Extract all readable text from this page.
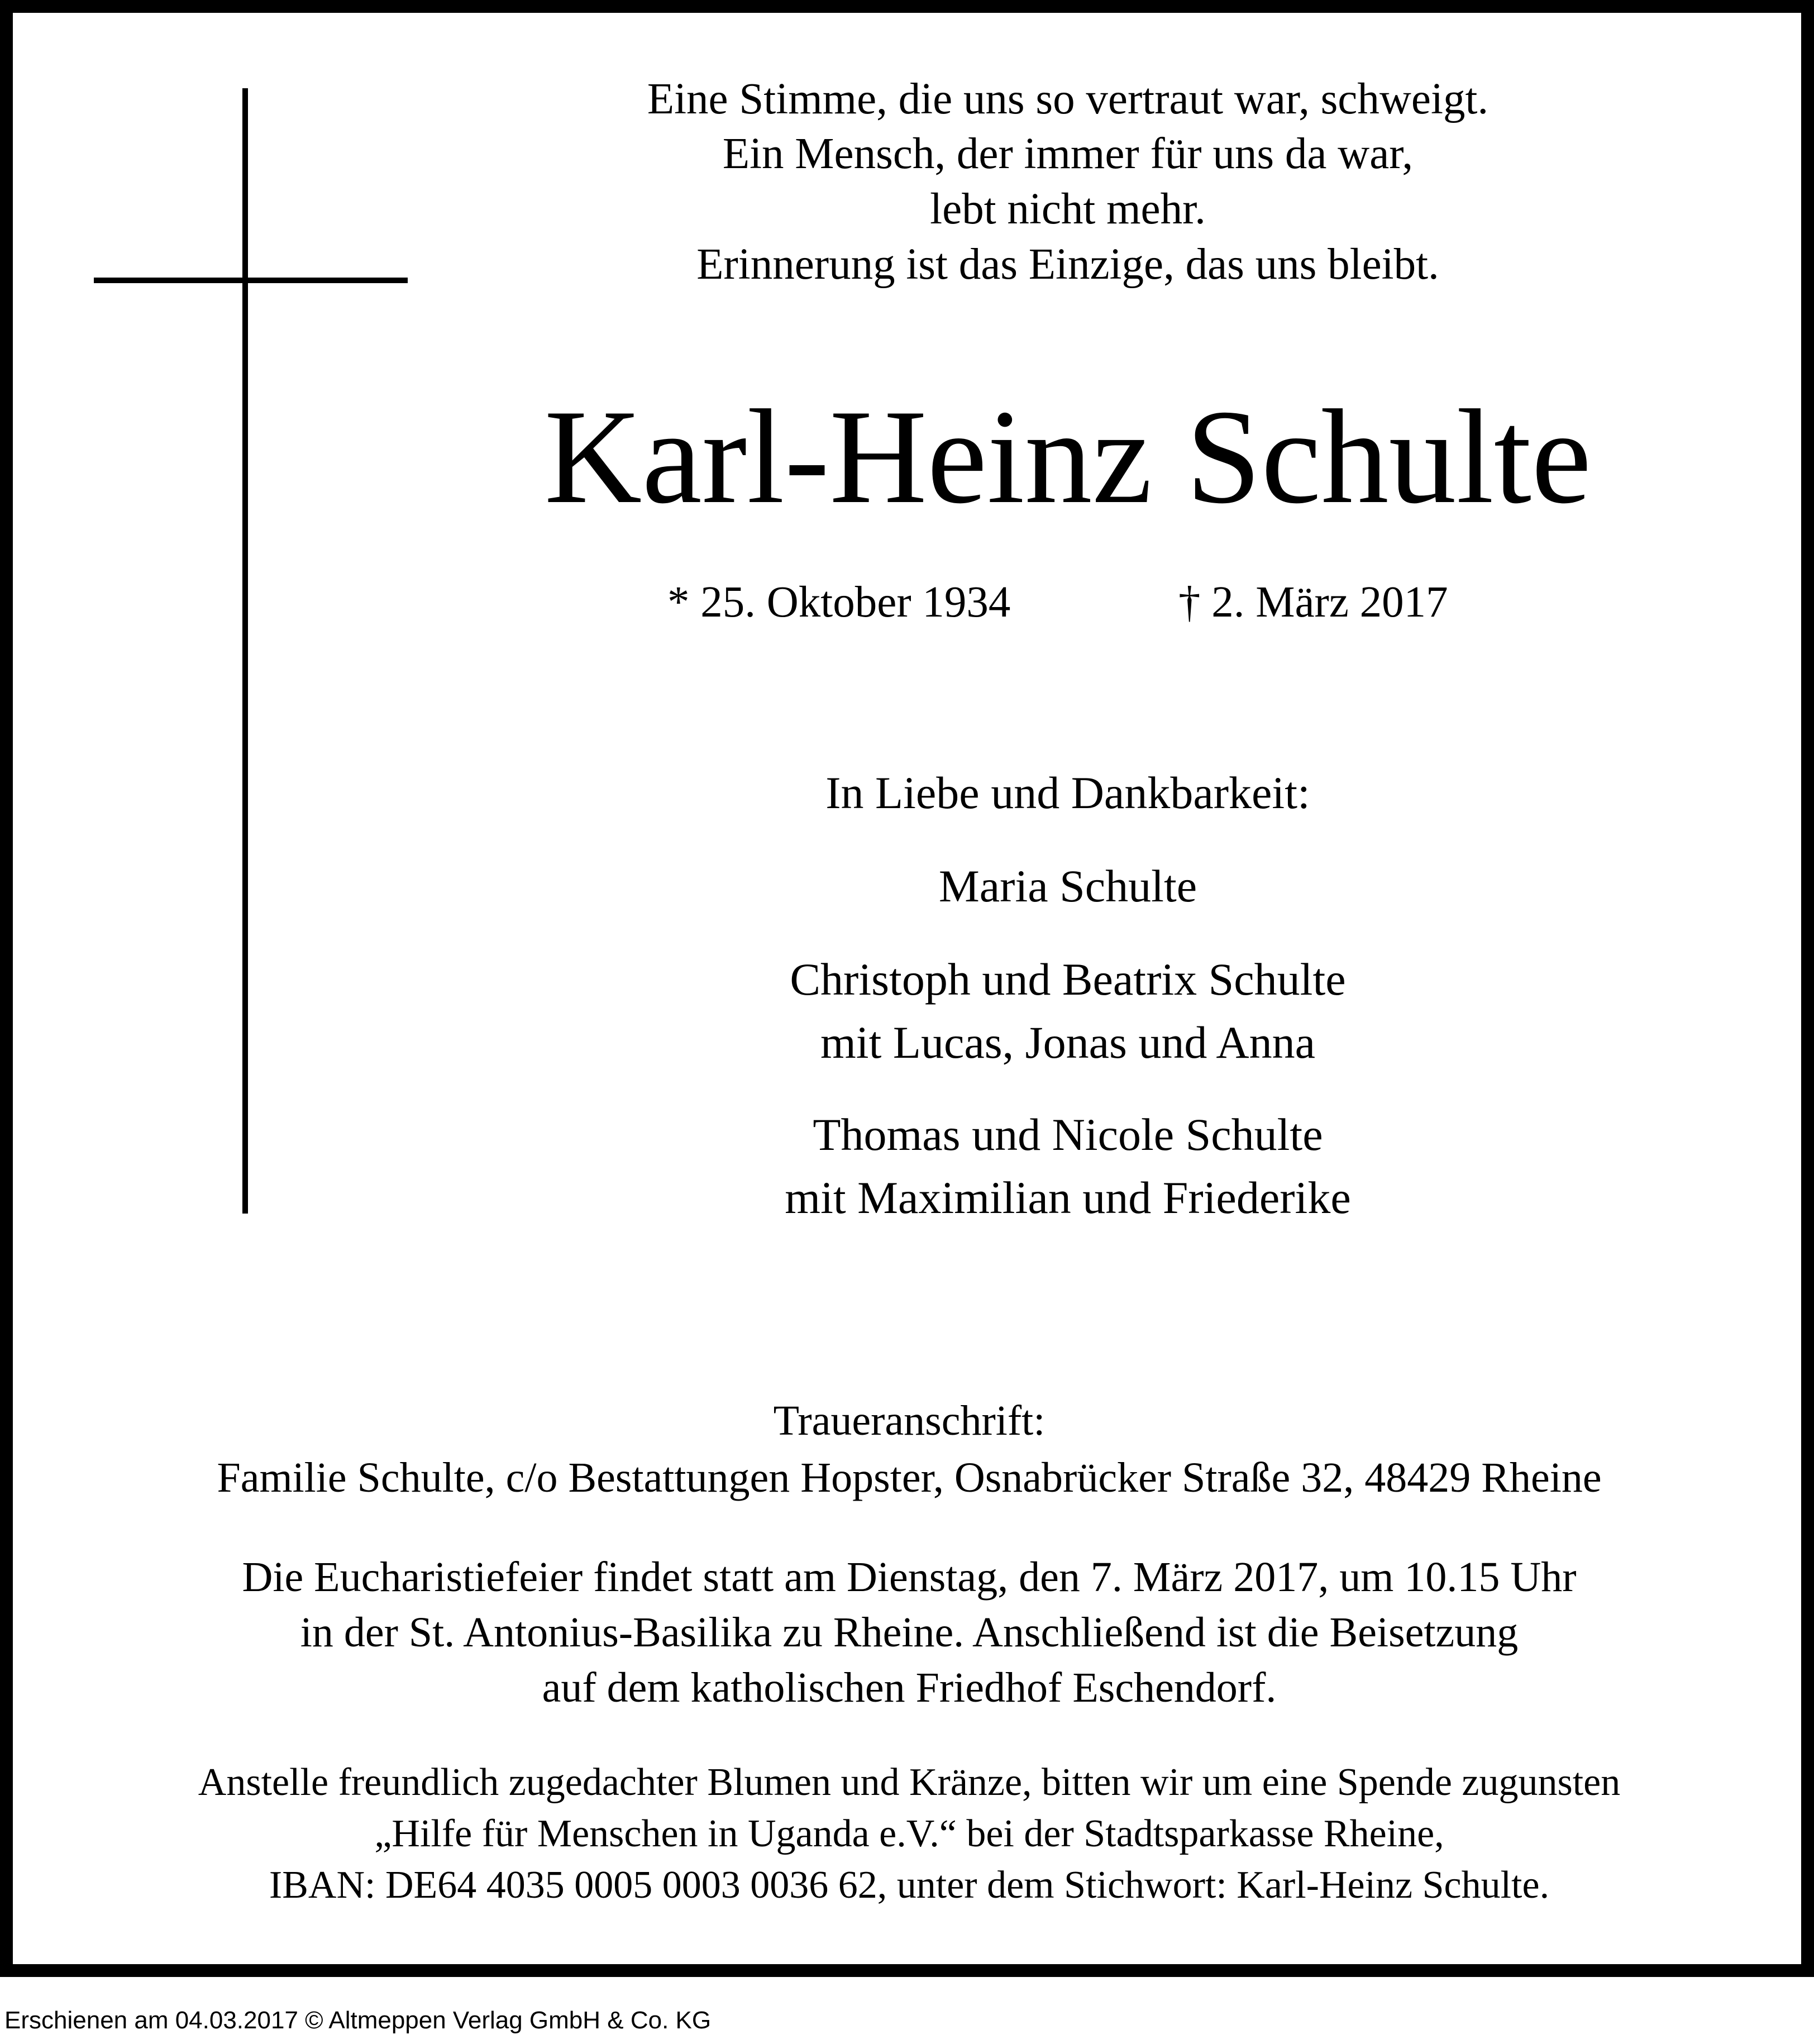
Eine Stimme, die uns so vertraut war, schweigt.
Ein Mensch, der immer für uns da war,
lebt nicht mehr.
Erinnerung ist das Einzige, das uns bleibt.
Karl-Heinz Schulte
* 25. Oktober 1934	† 2. März 2017
In Liebe und Dankbarkeit:
Maria Schulte
Christoph und Beatrix Schulte
mit Lucas, Jonas und Anna
Thomas und Nicole Schulte
mit Maximilian und Friederike
Traueranschrift:
Familie Schulte, c/o Bestattungen Hopster, Osnabrücker Straße 32, 48429 Rheine
Die Eucharistiefeier findet statt am Dienstag, den 7. März 2017, um 10.15 Uhr
in der St. Antonius-Basilika zu Rheine. Anschließend ist die Beisetzung
auf dem katholischen Friedhof Eschendorf.
Anstelle freundlich zugedachter Blumen und Kränze, bitten wir um eine Spende zugunsten
„Hilfe für Menschen in Uganda e.V.“ bei der Stadtsparkasse Rheine,
IBAN: DE64 4035 0005 0003 0036 62, unter dem Stichwort: Karl-Heinz Schulte.
Erschienen am 04.03.2017 © Altmeppen Verlag GmbH & Co. KG
